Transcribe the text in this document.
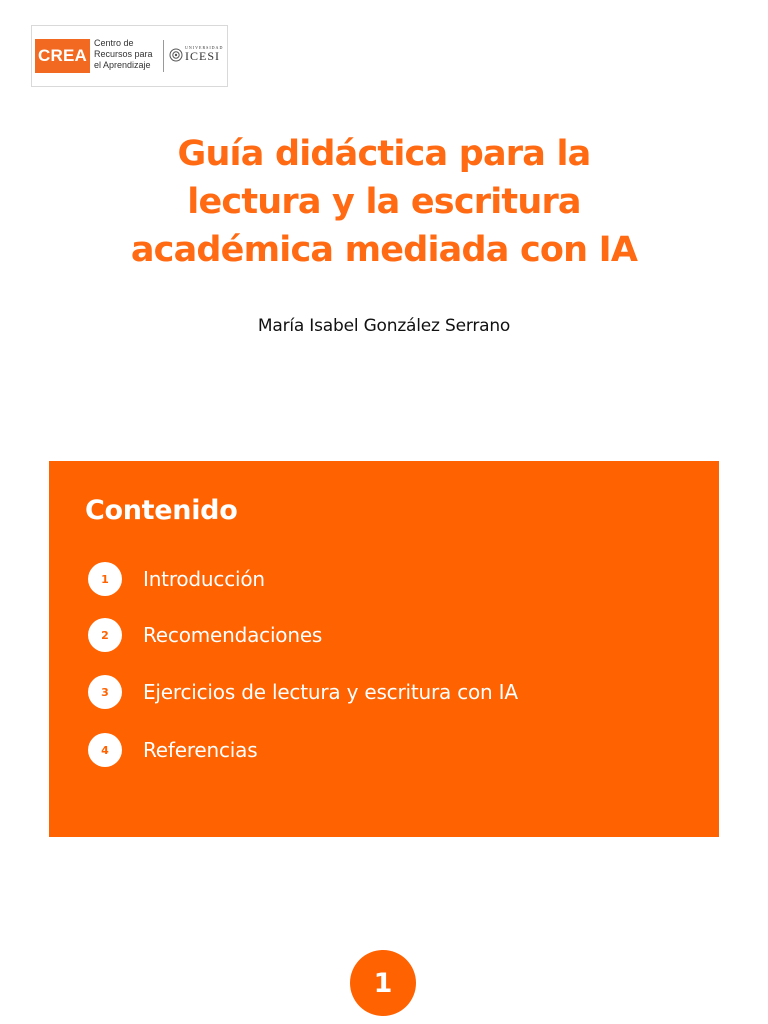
CREA
Centro de
Recursos para
el Aprendizaje
UNIVERSIDAD
ICESI
Guía didáctica para la
lectura y la escritura
académica mediada con IA
María Isabel González Serrano
Contenido
1	Introducción
2	Recomendaciones
3	Ejercicios de lectura y escritura con IA
4	Referencias
1
